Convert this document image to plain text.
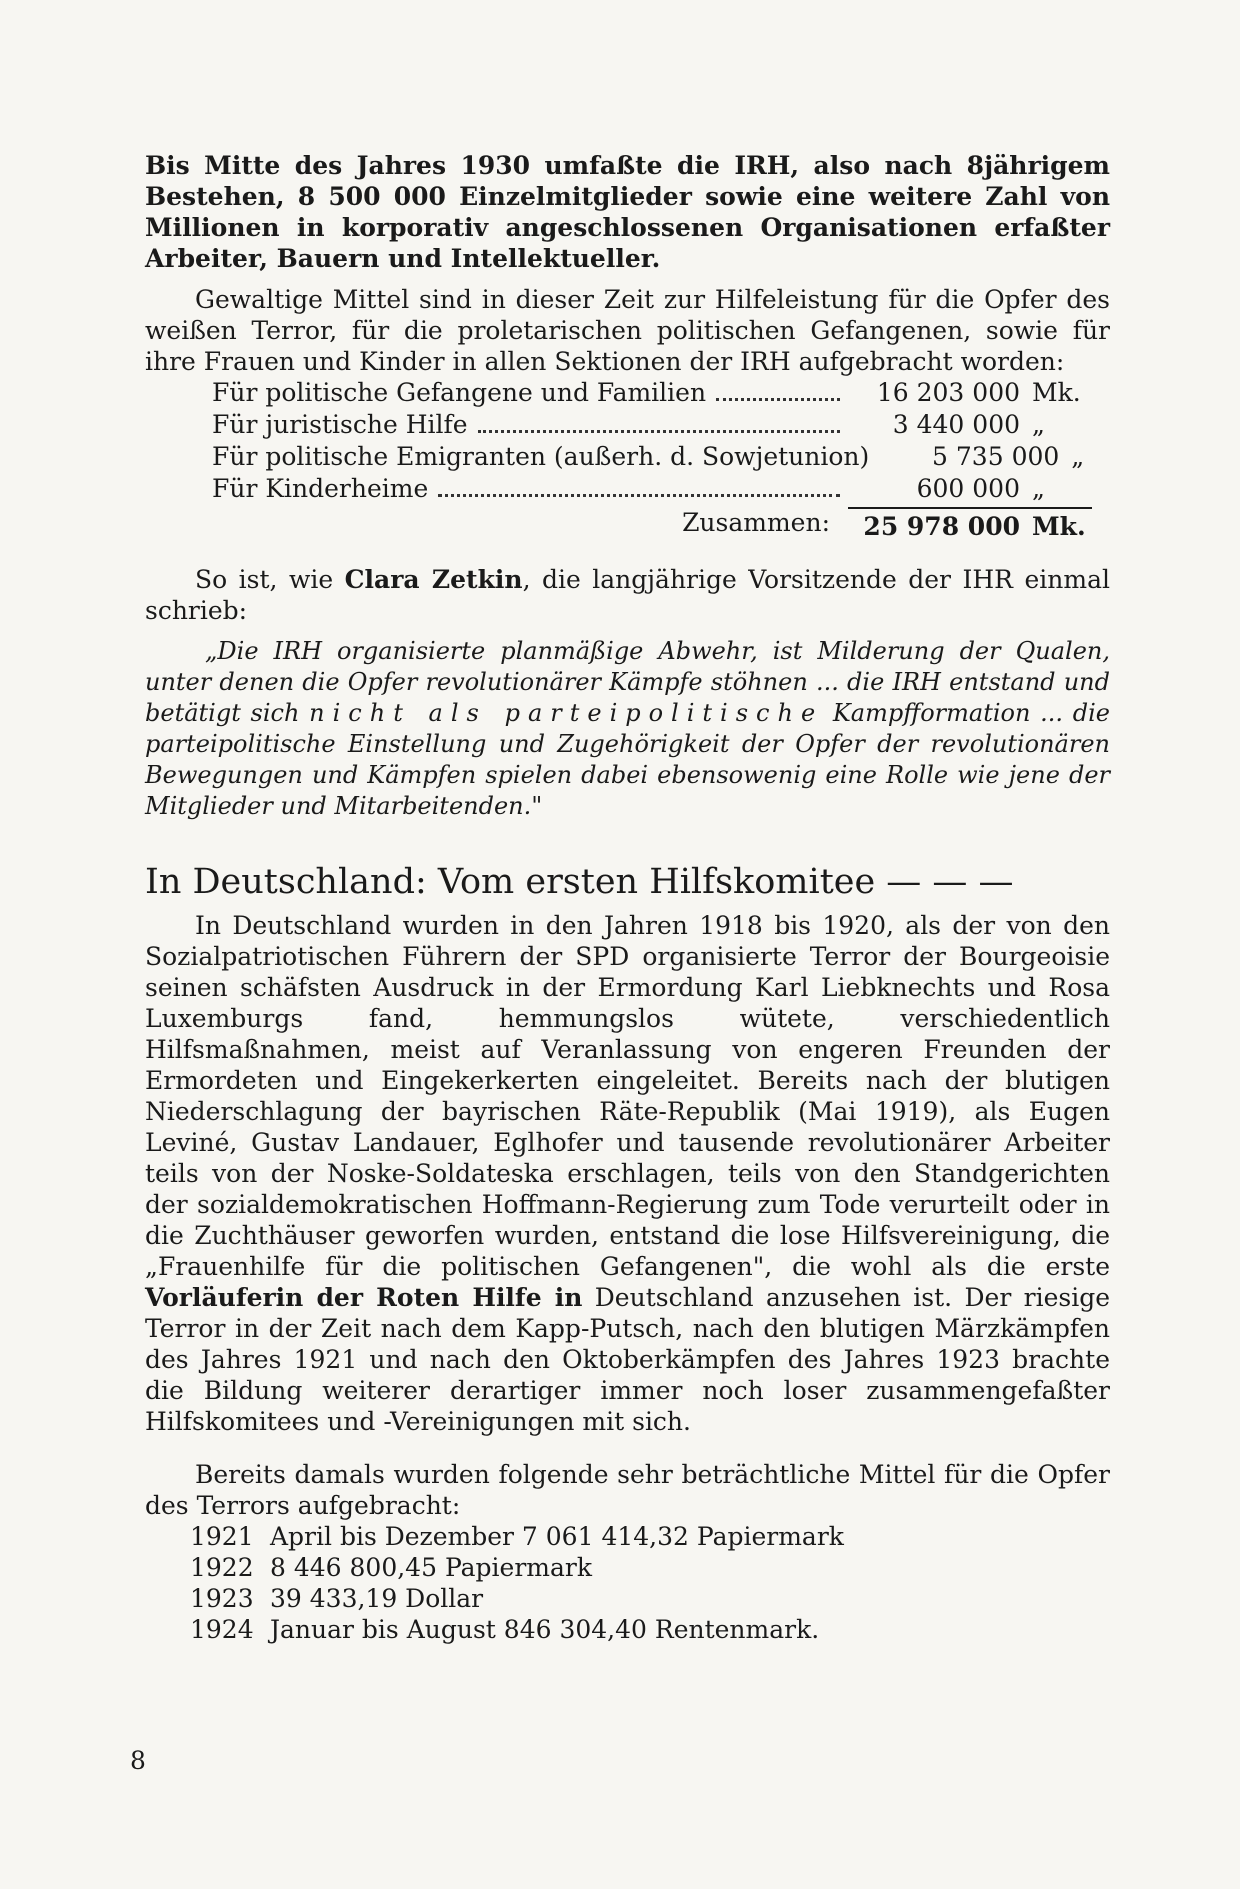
Bis Mitte des Jahres 1930 umfaßte die IRH, also nach 8jährigem Bestehen, 8 500 000 Einzelmitglieder sowie eine weitere Zahl von Millionen in korporativ angeschlossenen Organisationen erfaßter Arbeiter, Bauern und Intellektueller.

Gewaltige Mittel sind in dieser Zeit zur Hilfeleistung für die Opfer des weißen Terror, für die proletarischen politischen Gefangenen, sowie für ihre Frauen und Kinder in allen Sektionen der IRH aufgebracht worden:

Für politische Gefangene und Familien	16 203 000 Mk.
Für juristische Hilfe	3 440 000 „
Für politische Emigranten (außerh. d. Sowjetunion)	5 735 000 „
Für Kinderheime	600 000 „
Zusammen:	25 978 000 Mk.

So ist, wie Clara Zetkin, die langjährige Vorsitzende der IHR einmal schrieb:

„Die IRH organisierte planmäßige Abwehr, ist Milderung der Qualen, unter denen die Opfer revolutionärer Kämpfe stöhnen ... die IRH entstand und betätigt sich nicht als parteipolitische Kampfformation ... die parteipolitische Einstellung und Zugehörigkeit der Opfer der revolutionären Bewegungen und Kämpfen spielen dabei ebensowenig eine Rolle wie jene der Mitglieder und Mitarbeitenden."

In Deutschland: Vom ersten Hilfskomitee — — —

In Deutschland wurden in den Jahren 1918 bis 1920, als der von den Sozialpatriotischen Führern der SPD organisierte Terror der Bourgeoisie seinen schäfsten Ausdruck in der Ermordung Karl Liebknechts und Rosa Luxemburgs fand, hemmungslos wütete, verschiedentlich Hilfsmaßnahmen, meist auf Veranlassung von engeren Freunden der Ermordeten und Eingekerkerten eingeleitet. Bereits nach der blutigen Niederschlagung der bayrischen Räte-Republik (Mai 1919), als Eugen Leviné, Gustav Landauer, Eglhofer und tausende revolutionärer Arbeiter teils von der Noske-Soldateska erschlagen, teils von den Standgerichten der sozialdemokratischen Hoffmann-Regierung zum Tode verurteilt oder in die Zuchthäuser geworfen wurden, entstand die lose Hilfsvereinigung, die „Frauenhilfe für die politischen Gefangenen", die wohl als die erste Vorläuferin der Roten Hilfe in Deutschland anzusehen ist. Der riesige Terror in der Zeit nach dem Kapp-Putsch, nach den blutigen Märzkämpfen des Jahres 1921 und nach den Oktoberkämpfen des Jahres 1923 brachte die Bildung weiterer derartiger immer noch loser zusammengefaßter Hilfskomitees und -Vereinigungen mit sich.

Bereits damals wurden folgende sehr beträchtliche Mittel für die Opfer des Terrors aufgebracht:

1921 April bis Dezember 7 061 414,32 Papiermark
1922 8 446 800,45 Papiermark
1923 39 433,19 Dollar
1924 Januar bis August 846 304,40 Rentenmark.
8
